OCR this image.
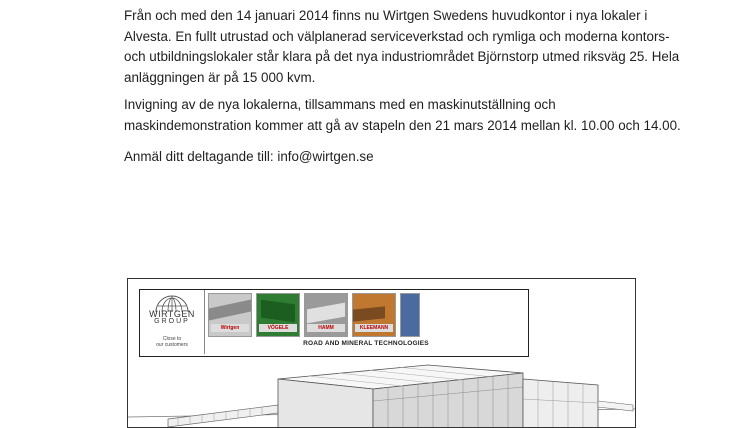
Från och med den 14 januari 2014 finns nu Wirtgen Swedens huvudkontor i nya lokaler i
Alvesta. En fullt utrustad och välplanerad serviceverkstad och rymliga och moderna kontors-
och utbildningslokaler står klara på det nya industriområdet Björnstorp utmed riksväg 25. Hela
anläggningen är på 15 000 kvm.

Invigning av de nya lokalerna, tillsammans med en maskinutställning och
maskindemonstration kommer att gå av stapeln den 21 mars 2014 mellan kl. 10.00 och 14.00.

Anmäl ditt deltagande till: info@wirtgen.se

WIRTGEN
GROUP
Close to
our customers
Wirtgen	VÖGELE	HAMM	KLEEMANN
ROAD AND MINERAL TECHNOLOGIES
